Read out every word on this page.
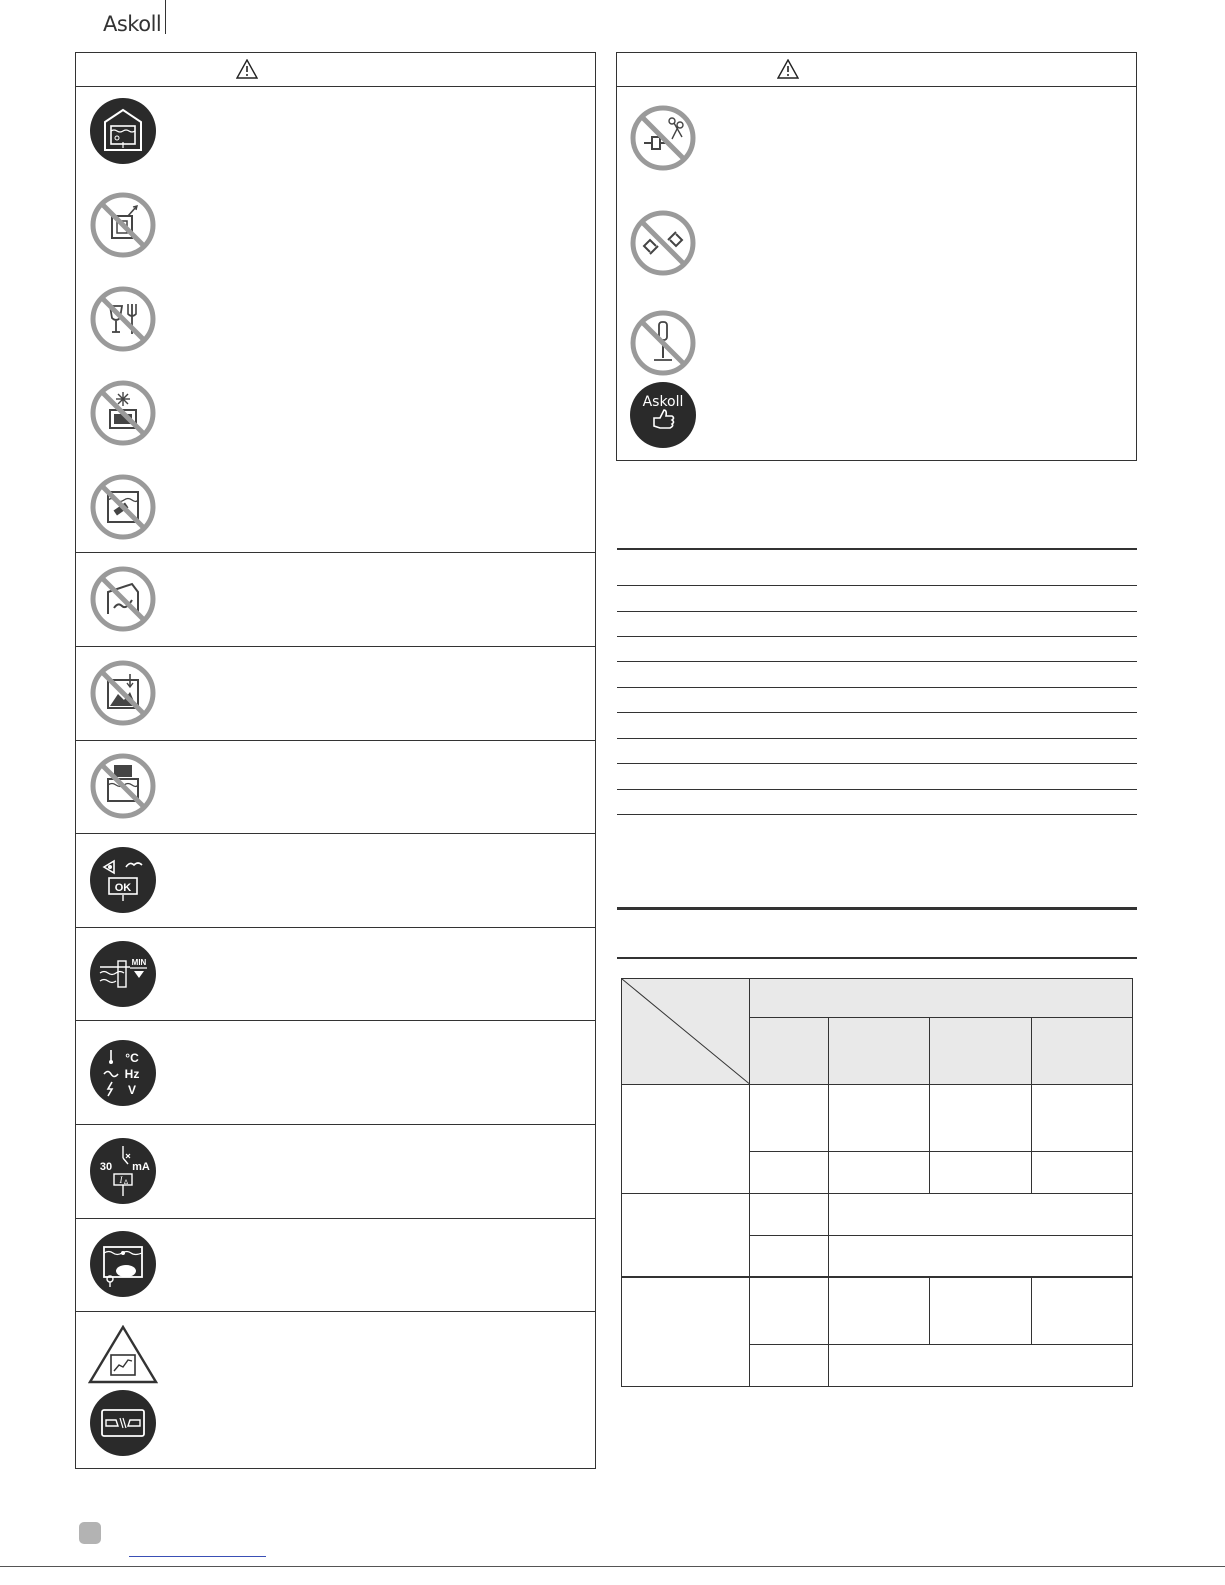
Askoll
OK
MIN
°C
Hz
V
30 mA
I Δ
Askoll
